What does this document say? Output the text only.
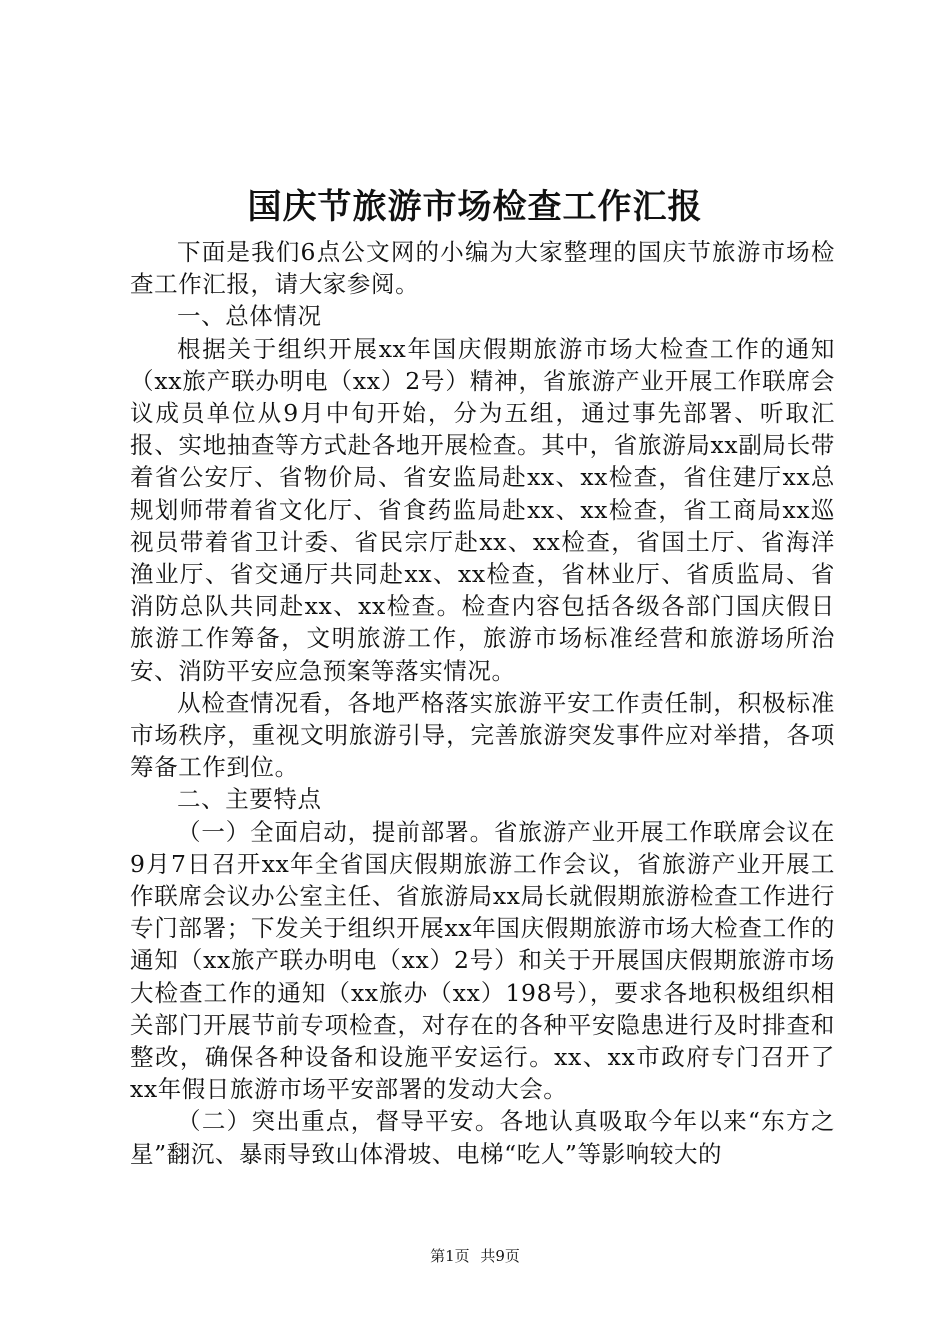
国庆节旅游市场检查工作汇报

下面是我们6点公文网的小编为大家整理的国庆节旅游市场检查工作汇报，请大家参阅。

一、总体情况

根据关于组织开展xx年国庆假期旅游市场大检查工作的通知（xx旅产联办明电（xx）2号）精神，省旅游产业开展工作联席会议成员单位从9月中旬开始，分为五组，通过事先部署、听取汇报、实地抽查等方式赴各地开展检查。其中，省旅游局xx副局长带着省公安厅、省物价局、省安监局赴xx、xx检查，省住建厅xx总规划师带着省文化厅、省食药监局赴xx、xx检查，省工商局xx巡视员带着省卫计委、省民宗厅赴xx、xx检查，省国土厅、省海洋渔业厅、省交通厅共同赴xx、xx检查，省林业厅、省质监局、省消防总队共同赴xx、xx检查。检查内容包括各级各部门国庆假日旅游工作筹备，文明旅游工作，旅游市场标准经营和旅游场所治安、消防平安应急预案等落实情况。

从检查情况看，各地严格落实旅游平安工作责任制，积极标准市场秩序，重视文明旅游引导，完善旅游突发事件应对举措，各项筹备工作到位。

二、主要特点

（一）全面启动，提前部署。省旅游产业开展工作联席会议在9月7日召开xx年全省国庆假期旅游工作会议，省旅游产业开展工作联席会议办公室主任、省旅游局xx局长就假期旅游检查工作进行专门部署；下发关于组织开展xx年国庆假期旅游市场大检查工作的通知（xx旅产联办明电（xx）2号）和关于开展国庆假期旅游市场大检查工作的通知（xx旅办（xx）198号），要求各地积极组织相关部门开展节前专项检查，对存在的各种平安隐患进行及时排查和整改，确保各种设备和设施平安运行。xx、xx市政府专门召开了xx年假日旅游市场平安部署的发动大会。

（二）突出重点，督导平安。各地认真吸取今年以来“东方之星”翻沉、暴雨导致山体滑坡、电梯“吃人”等影响较大的

第1页 共9页
